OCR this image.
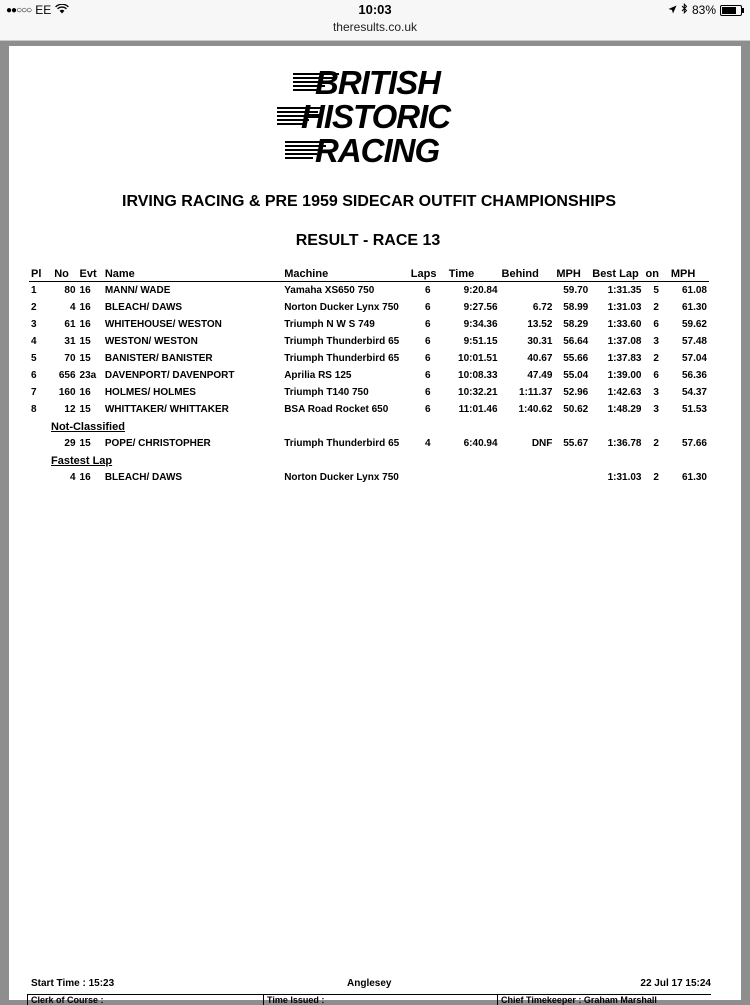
●●○○○ EE	10:03
theresults.co.uk
83%
BRITISH
HISTORIC
RACING
IRVING RACING & PRE 1959 SIDECAR OUTFIT CHAMPIONSHIPS
RESULT - RACE 13
Pl	No	Evt	Name	Machine	Laps	Time	Behind	MPH	Best Lap	on	MPH
1	80	16	MANN/ WADE	Yamaha XS650 750	6	9:20.84		59.70	1:31.35	5	61.08
2	4	16	BLEACH/ DAWS	Norton Ducker Lynx 750	6	9:27.56	6.72	58.99	1:31.03	2	61.30
3	61	16	WHITEHOUSE/ WESTON	Triumph N W S 749	6	9:34.36	13.52	58.29	1:33.60	6	59.62
4	31	15	WESTON/ WESTON	Triumph Thunderbird 65	6	9:51.15	30.31	56.64	1:37.08	3	57.48
5	70	15	BANISTER/ BANISTER	Triumph Thunderbird 65	6	10:01.51	40.67	55.66	1:37.83	2	57.04
6	656	23a	DAVENPORT/ DAVENPORT	Aprilia RS 125	6	10:08.33	47.49	55.04	1:39.00	6	56.36
7	160	16	HOLMES/ HOLMES	Triumph T140 750	6	10:32.21	1:11.37	52.96	1:42.63	3	54.37
8	12	15	WHITTAKER/ WHITTAKER	BSA Road Rocket 650	6	11:01.46	1:40.62	50.62	1:48.29	3	51.53
Not-Classified											
	29	15	POPE/ CHRISTOPHER	Triumph Thunderbird 65	4	6:40.94	DNF	55.67	1:36.78	2	57.66
Fastest Lap											
	4	16	BLEACH/ DAWS	Norton Ducker Lynx 750					1:31.03	2	61.30
Start Time : 15:23	Anglesey	22 Jul 17 15:24
Clerk of Course :	Time Issued :	Chief Timekeeper : Graham Marshall
